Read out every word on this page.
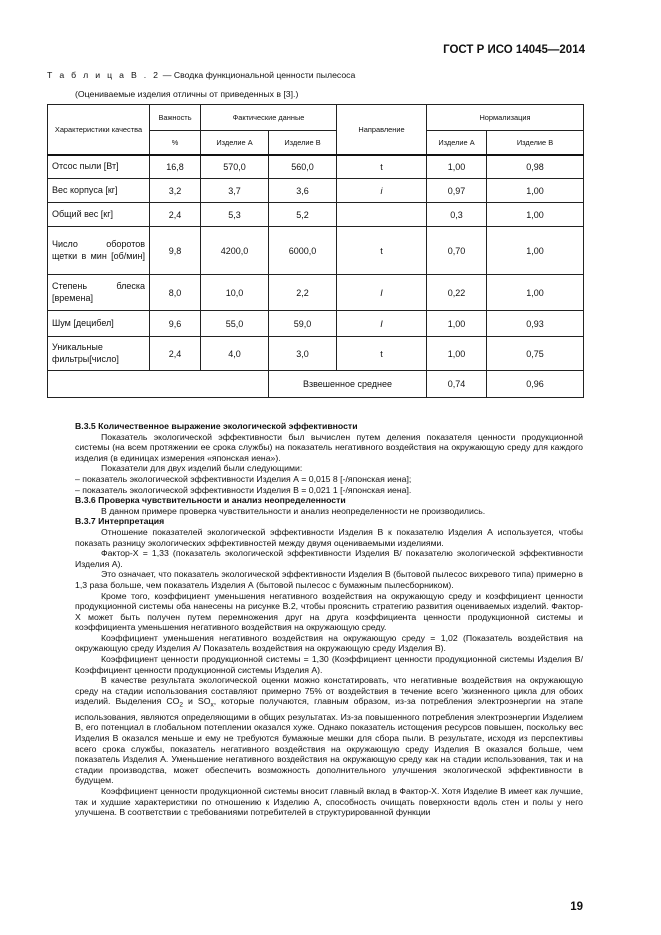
ГОСТ Р ИСО 14045—2014
Т а б л и ц а В . 2 — Сводка функциональной ценности пылесоса
(Оцениваемые изделия отличны от приведенных в [3].)
Характеристики качества	Важность	Фактические данные		Направление	Нормализация	
	%	Изделие А	Изделие В		Изделие А	Изделие В
Отсос пыли [Вт]	16,8	570,0	560,0	t	1,00	0,98
Вес корпуса [кг]	3,2	3,7	3,6	i	0,97	1,00
Общий вес [кг]	2,4	5,3	5,2		0,3	1,00
Число оборотов щетки в мин [об/мин]	9,8	4200,0	6000,0	t	0,70	1,00
Степень блеска [времена]	8,0	10,0	2,2	I	0,22	1,00
Шум [децибел]	9,6	55,0	59,0	I	1,00	0,93
Уникальные фильтры[число]	2,4	4,0	3,0	t	1,00	0,75
			Взвешенное среднее		0,74	0,96

В.3.5 Количественное выражение экологической эффективности

Показатель экологической эффективности был вычислен путем деления показателя ценности продукционной системы (на всем протяжении ее срока службы) на показатель негативного воздействия на окружающую среду для каждого изделия (в единицах измерения «японская иена»).

Показатели для двух изделий были следующими:

– показатель экологической эффективности Изделия А = 0,015 8 [-/японская иена];

– показатель экологической эффективности Изделия В = 0,021 1 [-/японская иена].

В.3.6 Проверка чувствительности и анализ неопределенности

В данном примере проверка чувствительности и анализ неопределенности не производились.

В.3.7 Интерпретация

Отношение показателей экологической эффективности Изделия В к показателю Изделия А используется, чтобы показать разницу экологических эффективностей между двумя оцениваемыми изделиями.

Фактор-Х = 1,33 (показатель экологической эффективности Изделия В/ показателю экологической эффективности Изделия А).

Это означает, что показатель экологической эффективности Изделия В (бытовой пылесос вихревого типа) примерно в 1,3 раза больше, чем показатель Изделия А (бытовой пылесос с бумажным пылесборником).

Кроме того, коэффициент уменьшения негативного воздействия на окружающую среду и коэффициент ценности продукционной системы оба нанесены на рисунке В.2, чтобы прояснить стратегию развития оцениваемых изделий. Фактор-Х может быть получен путем перемножения друг на друга коэффициента ценности продукционной системы и коэффициента уменьшения негативного воздействия на окружающую среду.

Коэффициент уменьшения негативного воздействия на окружающую среду = 1,02 (Показатель воздействия на окружающую среду Изделия А/ Показатель воздействия на окружающую среду Изделия В).

Коэффициент ценности продукционной системы = 1,30 (Коэффициент ценности продукционной системы Изделия В/ Коэффициент ценности продукционной системы Изделия А).

В качестве результата экологической оценки можно констатировать, что негативные воздействия на окружающую среду на стадии использования составляют примерно 75% от воздействия в течение всего 'жизненного цикла для обоих изделий. Выделения $CO_2$ и $SO_x$, которые получаются, главным образом, из-за потребления электроэнергии на этапе использования, являются определяющими в общих результатах. Из-за повышенного потребления электроэнергии Изделием В, его потенциал в глобальном потеплении оказался хуже. Однако показатель истощения ресурсов повышен, поскольку вес Изделия В оказался меньше и ему не требуются бумажные мешки для сбора пыли. В результате, исходя из перспективы всего срока службы, показатель негативного воздействия на окружающую среду Изделия В оказался больше, чем показатель Изделия А. Уменьшение негативного воздействия на окружающую среду как на стадии использования, так и на стадии производства, может обеспечить возможность дополнительного улучшения экологической эффективности в будущем.

Коэффициент ценности продукционной системы вносит главный вклад в Фактор-Х. Хотя Изделие В имеет как лучшие, так и худшие характеристики по отношению к Изделию А, способность очищать поверхности вдоль стен и полы у него улучшена. В соответствии с требованиями потребителей в структурированной функции

19
